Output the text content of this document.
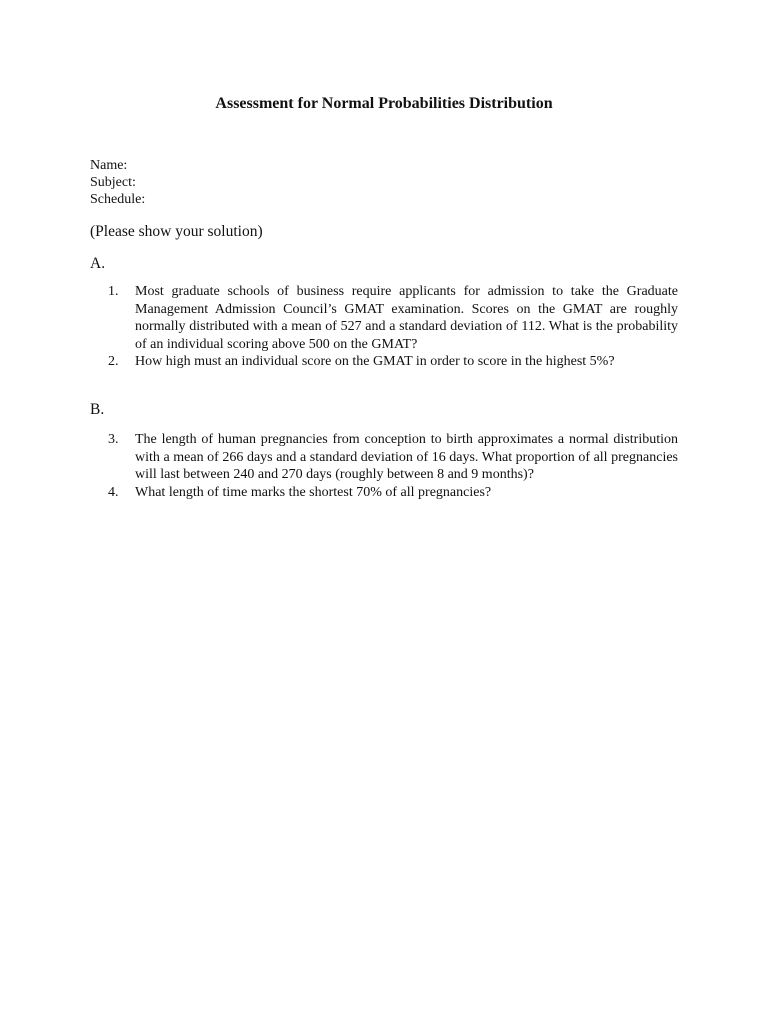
Assessment for Normal Probabilities Distribution
Name:
Subject:
Schedule:
(Please show your solution)
A.
1.	Most graduate schools of business require applicants for admission to take the Graduate Management Admission Council’s GMAT examination. Scores on the GMAT are roughly normally distributed with a mean of 527 and a standard deviation of 112. What is the probability of an individual scoring above 500 on the GMAT?
2.	How high must an individual score on the GMAT in order to score in the highest 5%?
B.
3.	The length of human pregnancies from conception to birth approximates a normal distribution with a mean of 266 days and a standard deviation of 16 days. What proportion of all pregnancies will last between 240 and 270 days (roughly between 8 and 9 months)?
4.	What length of time marks the shortest 70% of all pregnancies?
